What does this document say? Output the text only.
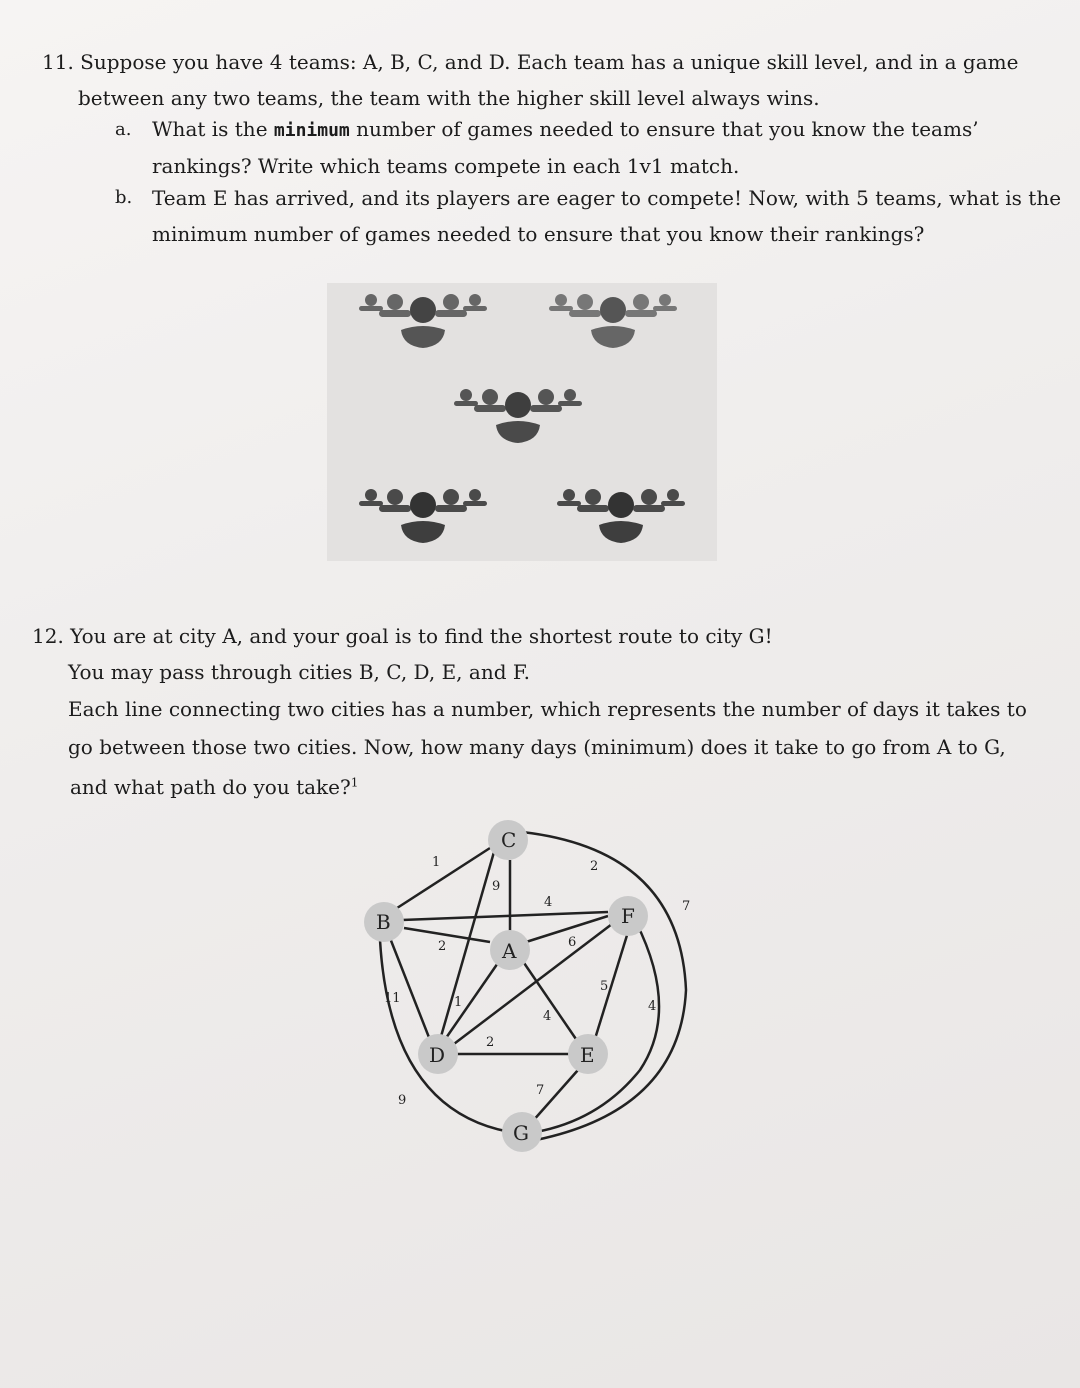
11. Suppose you have 4 teams: A, B, C, and D. Each team has a unique skill level, and in a game
between any two teams, the team with the higher skill level always wins.
a. What is the minimum number of games needed to ensure that you know the teams’
rankings? Write which teams compete in each 1v1 match.
b. Team E has arrived, and its players are eager to compete! Now, with 5 teams, what is the
minimum number of games needed to ensure that you know their rankings?
12. You are at city A, and your goal is to find the shortest route to city G!
You may pass through cities B, C, D, E, and F.
Each line connecting two cities has a number, which represents the number of days it takes to
go between those two cities. Now, how many days (minimum) does it take to go from A to G,
and what path do you take?$^1$
C
B	F
A
D	E
G
1
9
2
4
2	6
7
11	1
5
4
4
2
7
9
